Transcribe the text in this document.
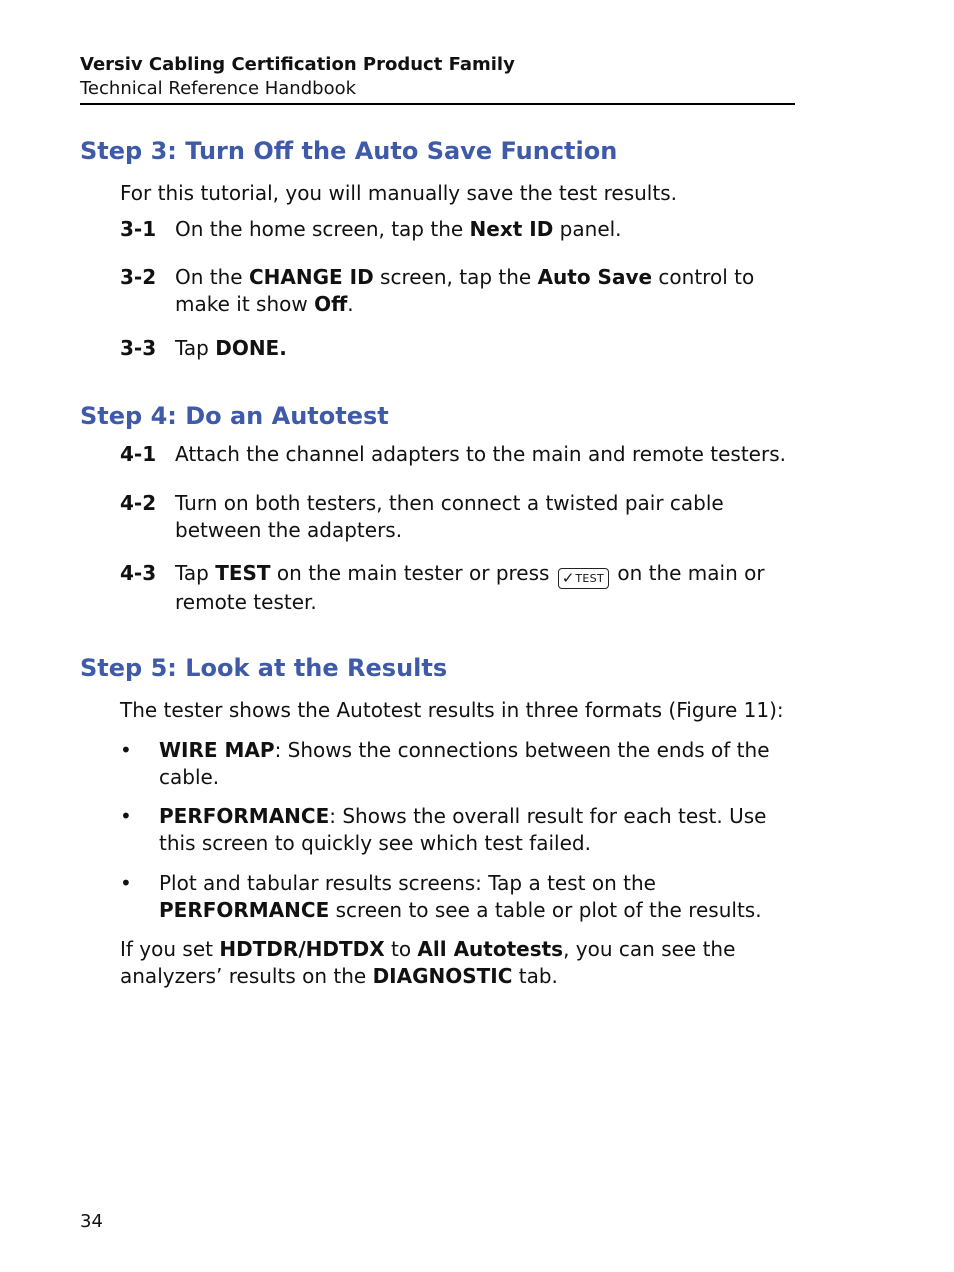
Versiv Cabling Certification Product Family
Technical Reference Handbook
Step 3: Turn Off the Auto Save Function

For this tutorial, you will manually save the test results.

3-1 On the home screen, tap the Next ID panel.
3-2 On the CHANGE ID screen, tap the Auto Save control to make it show Off.
3-3 Tap DONE.
Step 4: Do an Autotest
4-1 Attach the channel adapters to the main and remote testers.
4-2 Turn on both testers, then connect a twisted pair cable between the adapters.
4-3 Tap TEST on the main tester or press ✓ TEST on the main or remote tester.
Step 5: Look at the Results

The tester shows the Autotest results in three formats (Figure 11):

• WIRE MAP: Shows the connections between the ends of the cable.
• PERFORMANCE: Shows the overall result for each test. Use this screen to quickly see which test failed.
• Plot and tabular results screens: Tap a test on the PERFORMANCE screen to see a table or plot of the results.

If you set HDTDR/HDTDX to All Autotests, you can see the analyzers’ results on the DIAGNOSTIC tab.

34
